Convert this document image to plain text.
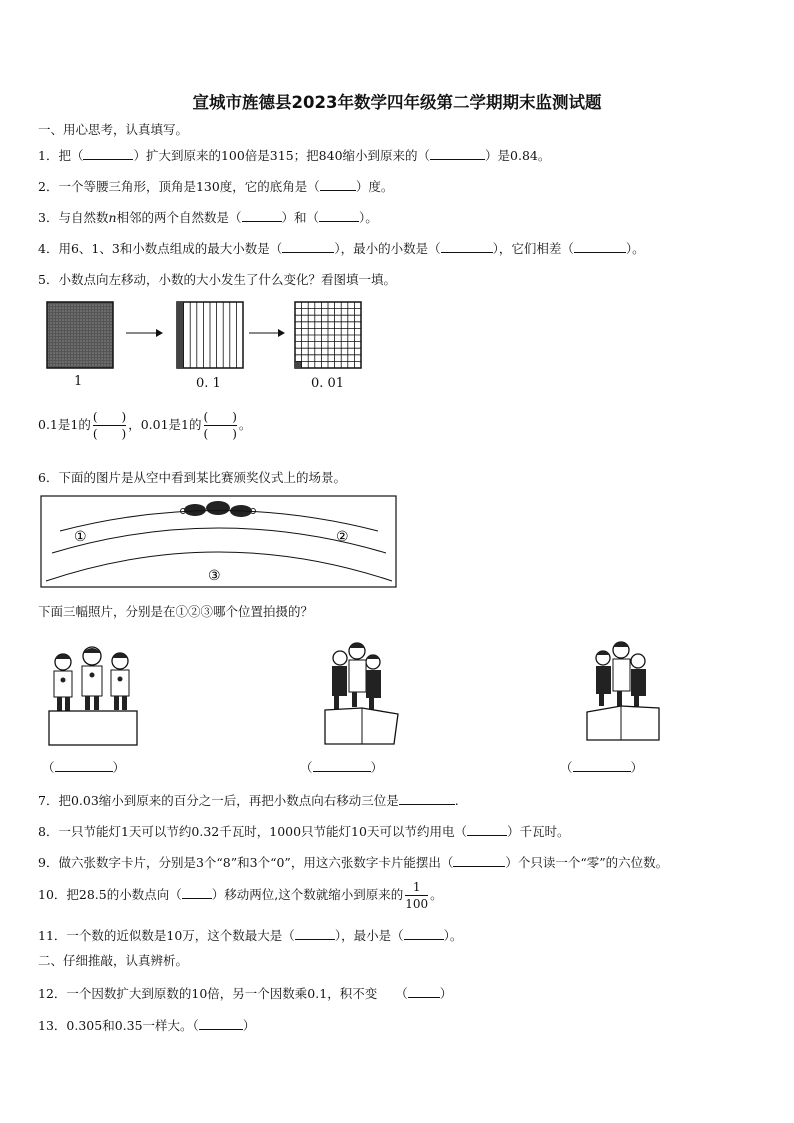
宣城市旌德县2023年数学四年级第二学期期末监测试题
一、用心思考，认真填写。
1．把（	）扩大到原来的100倍是315；把840缩小到原来的（	）是0.84。
2．一个等腰三角形，顶角是130度，它的底角是（	）度。
3．与自然数n相邻的两个自然数是（	）和（	）。
4．用6、1、3和小数点组成的最大小数是（	），最小的小数是（	），它们相差（	）。
5．小数点向左移动，小数的大小发生了什么变化？看图填一填。
1	0. 1	0. 01
0.1是1的 $\frac{( )}{( )}$ ，0.01是1的 $\frac{( )}{( )}$ 。
6．下面的图片是从空中看到某比赛颁奖仪式上的场景。
①	②
③
下面三幅照片，分别是在①②③哪个位置拍摄的？
（	）	（	）	（	）
7．把0.03缩小到原来的百分之一后，再把小数点向右移动三位是	.
8．一只节能灯1天可以节约0.32千瓦时，1000只节能灯10天可以节约用电（	）千瓦时。
9．做六张数字卡片，分别是3个“8”和3个“0”，用这六张数字卡片能摆出（	）个只读一个“零”的六位数。
10．把28.5的小数点向（ ）移动两位,这个数就缩小到原来的 $\frac{1}{100}$ 。
11．一个数的近似数是10万，这个数最大是（	），最小是（	）。
二、仔细推敲，认真辨析。
12．一个因数扩大到原数的10倍，另一个因数乘0.1，积不变 （	）
13．0.305和0.35一样大。（	）
